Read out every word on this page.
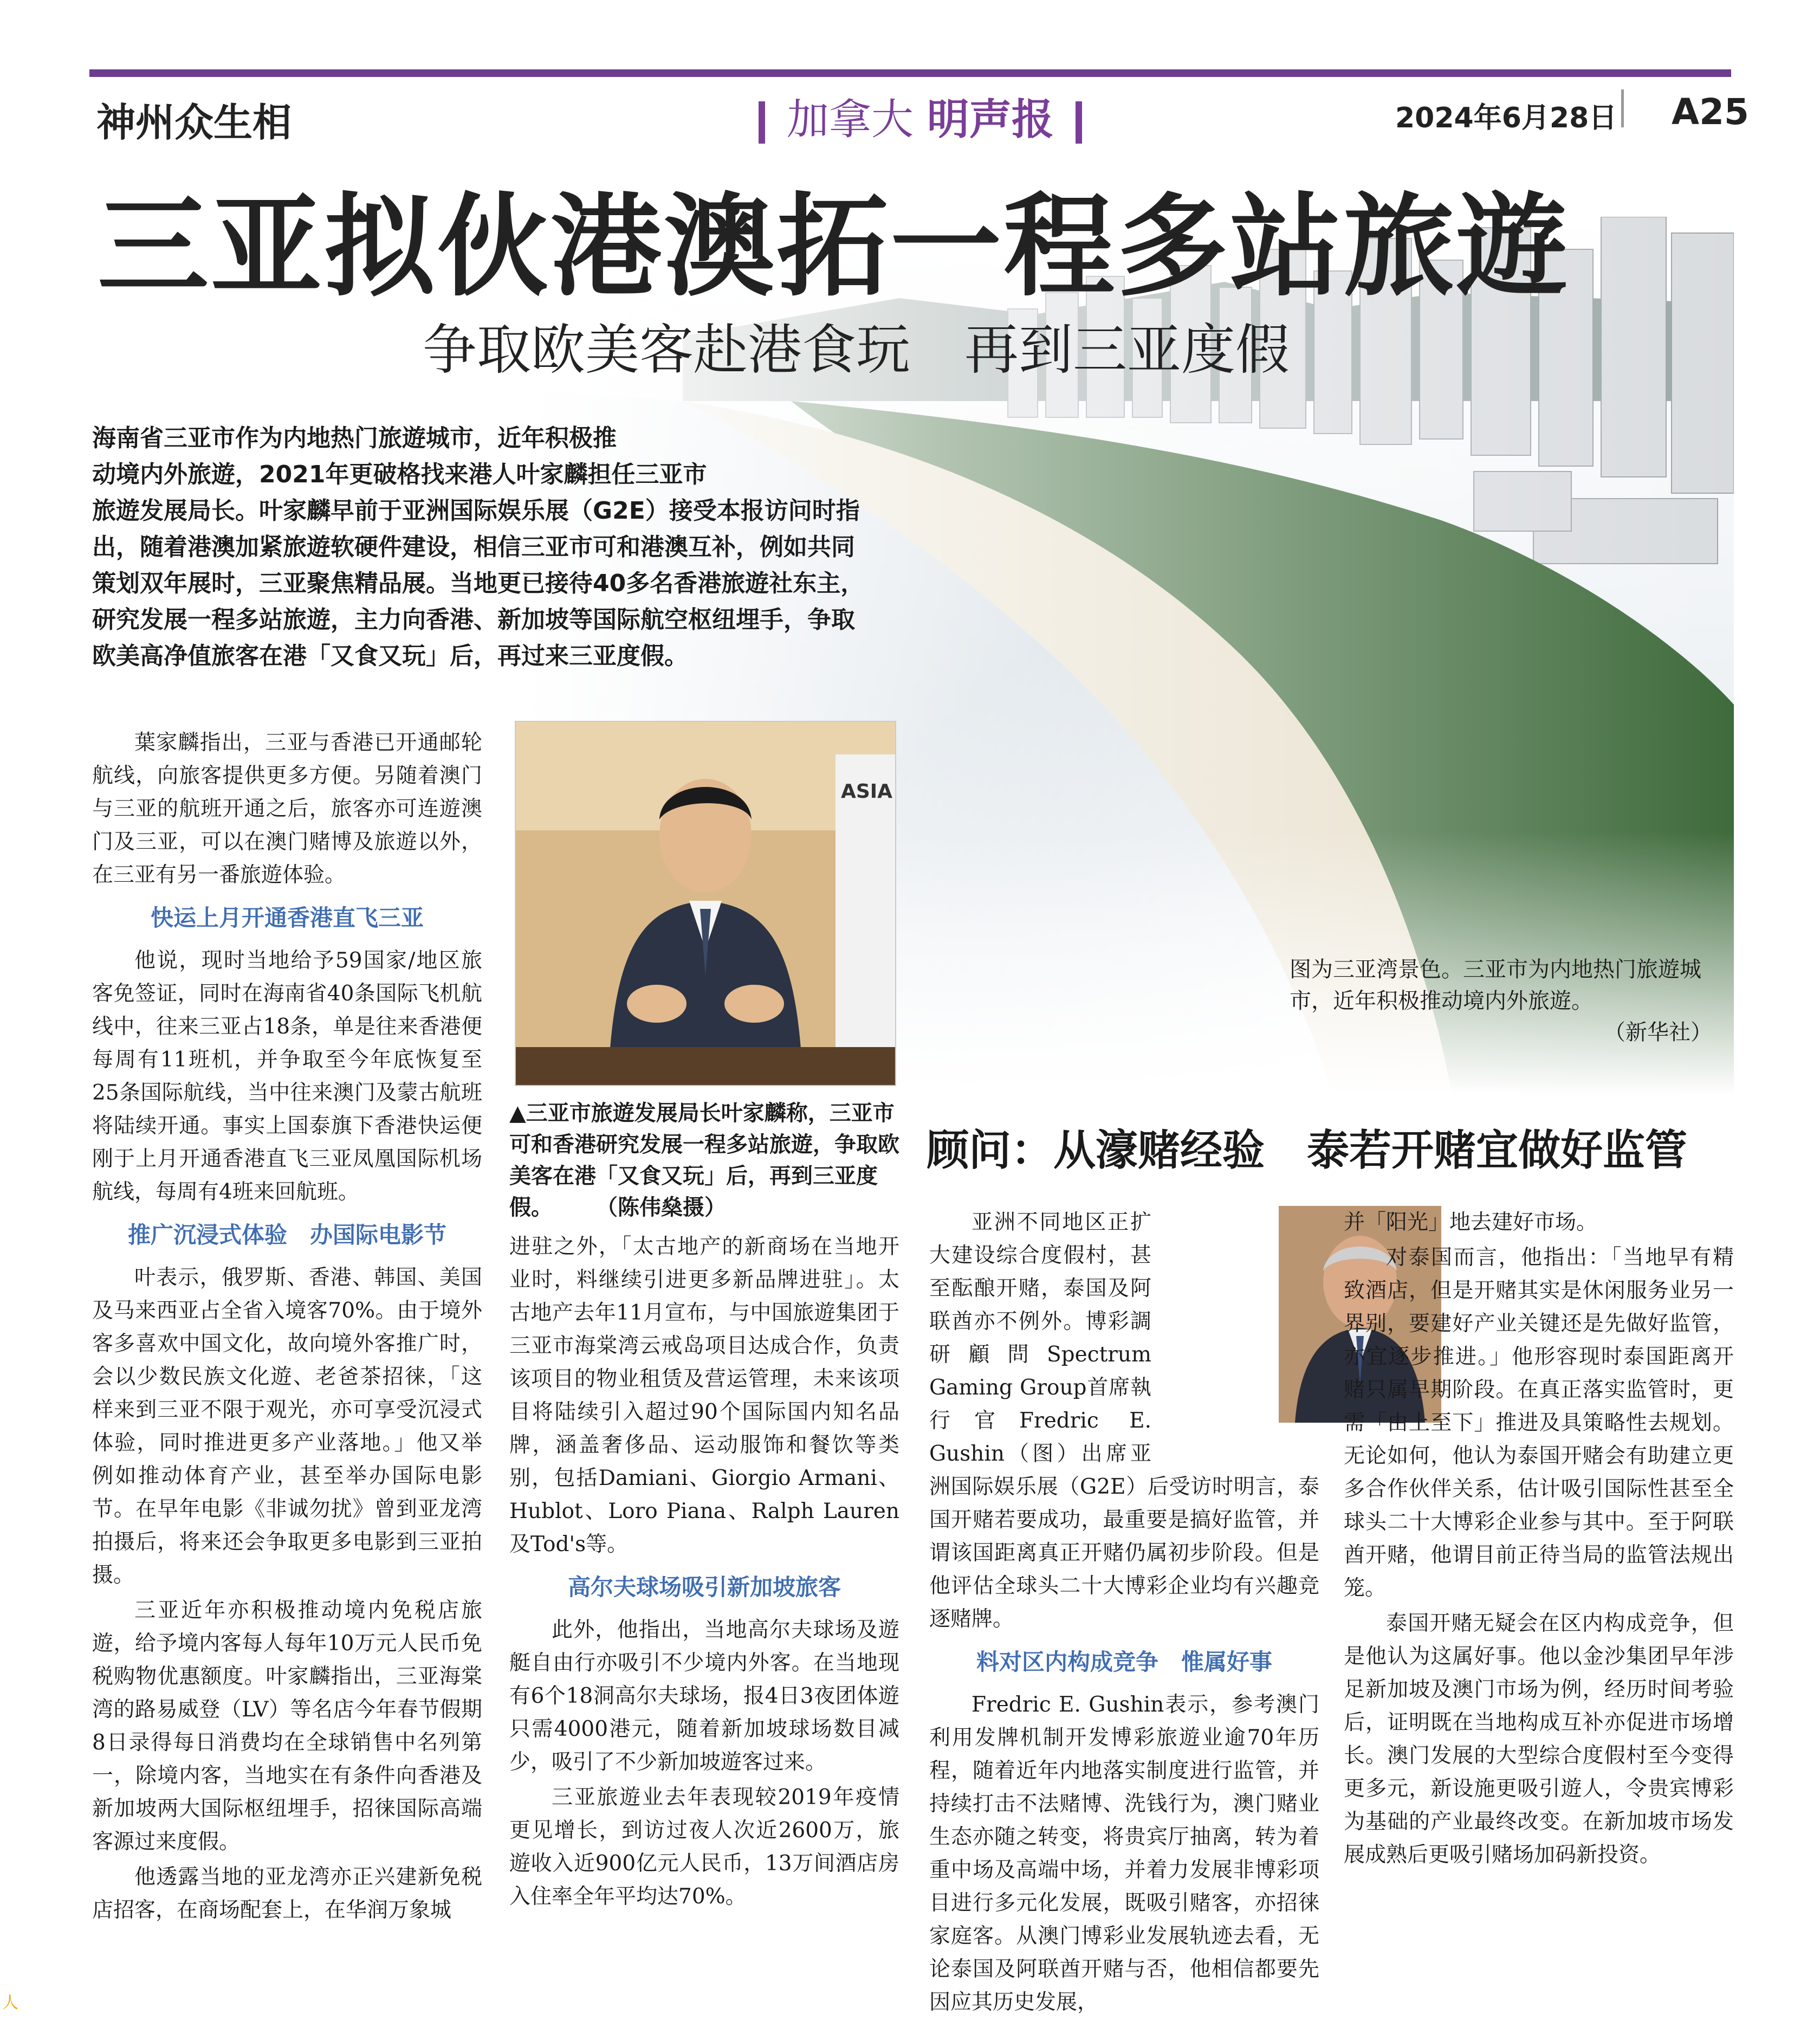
神州众生相	加拿大 明声报	2024年6月28日 A25
三亚拟伙港澳拓一程多站旅遊
争取欧美客赴港食玩　再到三亚度假

海南省三亚市作为内地热门旅遊城市，近年积极推

动境内外旅遊，2021年更破格找来港人叶家麟担任三亚市

旅遊发展局长。叶家麟早前于亚洲国际娱乐展（G2E）接受本报访问时指

出，随着港澳加紧旅遊软硬件建设，相信三亚市可和港澳互补，例如共同

策划双年展时，三亚聚焦精品展。当地更已接待40多名香港旅遊社东主，

研究发展一程多站旅遊，主力向香港、新加坡等国际航空枢纽埋手，争取

欧美高净值旅客在港「又食又玩」后，再过来三亚度假。

图为三亚湾景色。三亚市为内地热门旅遊城市，近年积极推动境内外旅遊。
（新华社）

葉家麟指出，三亚与香港已开通邮轮航线，向旅客提供更多方便。另随着澳门与三亚的航班开通之后，旅客亦可连遊澳门及三亚，可以在澳门赌博及旅遊以外，在三亚有另一番旅遊体验。

快运上月开通香港直飞三亚

他说，现时当地给予59国家/地区旅客免签证，同时在海南省40条国际飞机航线中，往来三亚占18条，单是往来香港便每周有11班机，并争取至今年底恢复至25条国际航线，当中往来澳门及蒙古航班将陆续开通。事实上国泰旗下香港快运便刚于上月开通香港直飞三亚凤凰国际机场航线，每周有4班来回航班。

推广沉浸式体验　办国际电影节

叶表示，俄罗斯、香港、韩国、美国及马来西亚占全省入境客70%。由于境外客多喜欢中国文化，故向境外客推广时，会以少数民族文化遊、老爸茶招徕，「这样来到三亚不限于观光，亦可享受沉浸式体验，同时推进更多产业落地。」他又举例如推动体育产业，甚至举办国际电影节。在早年电影《非诚勿扰》曾到亚龙湾拍摄后，将来还会争取更多电影到三亚拍摄。

三亚近年亦积极推动境内免税店旅遊，给予境内客每人每年10万元人民币免税购物优惠额度。叶家麟指出，三亚海棠湾的路易威登（LV）等名店今年春节假期8日录得每日消费均在全球销售中名列第一，除境内客，当地实在有条件向香港及新加坡两大国际枢纽埋手，招徕国际高端客源过来度假。

他透露当地的亚龙湾亦正兴建新免税店招客，在商场配套上，在华润万象城

ASIA
▲三亚市旅遊发展局长叶家麟称，三亚市可和香港研究发展一程多站旅遊，争取欧美客在港「又食又玩」后，再到三亚度假。　　　（陈伟燊摄）

进驻之外，「太古地产的新商场在当地开业时，料继续引进更多新品牌进驻」。太古地产去年11月宣布，与中国旅遊集团于三亚市海棠湾云戒岛项目达成合作，负责该项目的物业租赁及营运管理，未来该项目将陆续引入超过90个国际国内知名品牌，涵盖奢侈品、运动服饰和餐饮等类别，包括Damiani、Giorgio Armani、Hublot、Loro Piana、Ralph Lauren及Tod's等。

高尔夫球场吸引新加坡旅客

此外，他指出，当地高尔夫球场及遊艇自由行亦吸引不少境内外客。在当地现有6个18洞高尔夫球场，报4日3夜团体遊只需4000港元，随着新加坡球场数目减少，吸引了不少新加坡遊客过来。

三亚旅遊业去年表现较2019年疫情更见增长，到访过夜人次近2600万，旅遊收入近900亿元人民币，13万间酒店房入住率全年平均达70%。

顾问：从濠赌经验　泰若开赌宜做好监管

亚洲不同地区正扩大建设综合度假村，甚至酝酿开赌，泰国及阿联酋亦不例外。博彩調研顧問Spectrum Gaming Group首席執行官Fredric E. Gushin（图）出席亚洲国际娱乐展（G2E）后受访时明言，泰国开赌若要成功，最重要是搞好监管，并谓该国距离真正开赌仍属初步阶段。但是他评估全球头二十大博彩企业均有兴趣竞逐赌牌。

料对区内构成竞争　惟属好事

Fredric E. Gushin表示，参考澳门利用发牌机制开发博彩旅遊业逾70年历程，随着近年内地落实制度进行监管，并持续打击不法赌博、洗钱行为，澳门赌业生态亦随之转变，将贵宾厅抽离，转为着重中场及高端中场，并着力发展非博彩项目进行多元化发展，既吸引赌客，亦招徕家庭客。从澳门博彩业发展轨迹去看，无论泰国及阿联酋开赌与否，他相信都要先因应其历史发展，

并「阳光」地去建好市场。

对泰国而言，他指出：「当地早有精致酒店，但是开赌其实是休闲服务业另一界别，要建好产业关键还是先做好监管，亦宜逐步推进。」他形容现时泰国距离开赌只属早期阶段。在真正落实监管时，更需「由上至下」推进及具策略性去规划。无论如何，他认为泰国开赌会有助建立更多合作伙伴关系，估计吸引国际性甚至全球头二十大博彩企业参与其中。至于阿联酋开赌，他谓目前正待当局的监管法规出笼。

泰国开赌无疑会在区内构成竞争，但是他认为这属好事。他以金沙集团早年涉足新加坡及澳门市场为例，经历时间考验后，证明既在当地构成互补亦促进市场增长。澳门发展的大型综合度假村至今变得更多元，新设施更吸引遊人，令贵宾博彩为基础的产业最终改变。在新加坡市场发展成熟后更吸引赌场加码新投资。

人
